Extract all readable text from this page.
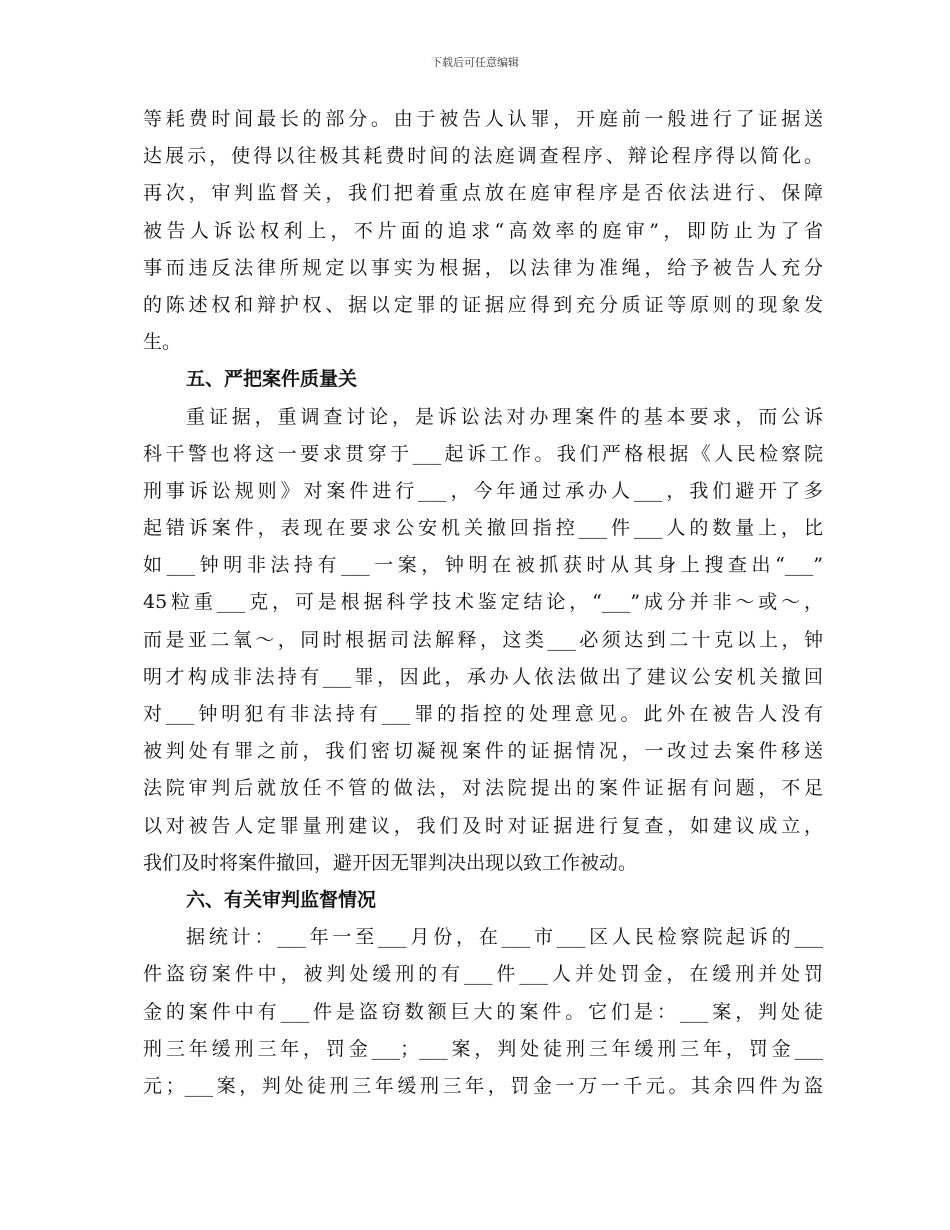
下载后可任意编辑
等耗费时间最长的部分。由于被告人认罪，开庭前一般进行了证据送
达展示，使得以往极其耗费时间的法庭调查程序、辩论程序得以简化。
再次，审判监督关，我们把着重点放在庭审程序是否依法进行、保障
被告人诉讼权利上，不片面的追求“高效率的庭审”，即防止为了省
事而违反法律所规定以事实为根据，以法律为准绳，给予被告人充分
的陈述权和辩护权、据以定罪的证据应得到充分质证等原则的现象发
生。
五、严把案件质量关
重证据，重调查讨论，是诉讼法对办理案件的基本要求，而公诉
科干警也将这一要求贯穿于___起诉工作。我们严格根据《人民检察院
刑事诉讼规则》对案件进行___，今年通过承办人___，我们避开了多
起错诉案件，表现在要求公安机关撤回指控___件___人的数量上，比
如___钟明非法持有___一案，钟明在被抓获时从其身上搜查出“___”
45粒重___克，可是根据科学技术鉴定结论，“___”成分并非～或～，
而是亚二氧～，同时根据司法解释，这类___必须达到二十克以上，钟
明才构成非法持有___罪，因此，承办人依法做出了建议公安机关撤回
对___钟明犯有非法持有___罪的指控的处理意见。此外在被告人没有
被判处有罪之前，我们密切凝视案件的证据情况，一改过去案件移送
法院审判后就放任不管的做法，对法院提出的案件证据有问题，不足
以对被告人定罪量刑建议，我们及时对证据进行复查，如建议成立，
我们及时将案件撤回，避开因无罪判决出现以致工作被动。
六、有关审判监督情况
据统计：___年一至___月份，在___市___区人民检察院起诉的___
件盗窃案件中，被判处缓刑的有___件___人并处罚金，在缓刑并处罚
金的案件中有___件是盗窃数额巨大的案件。它们是：___案，判处徒
刑三年缓刑三年，罚金___；___案，判处徒刑三年缓刑三年，罚金___
元；___案，判处徒刑三年缓刑三年，罚金一万一千元。其余四件为盗
